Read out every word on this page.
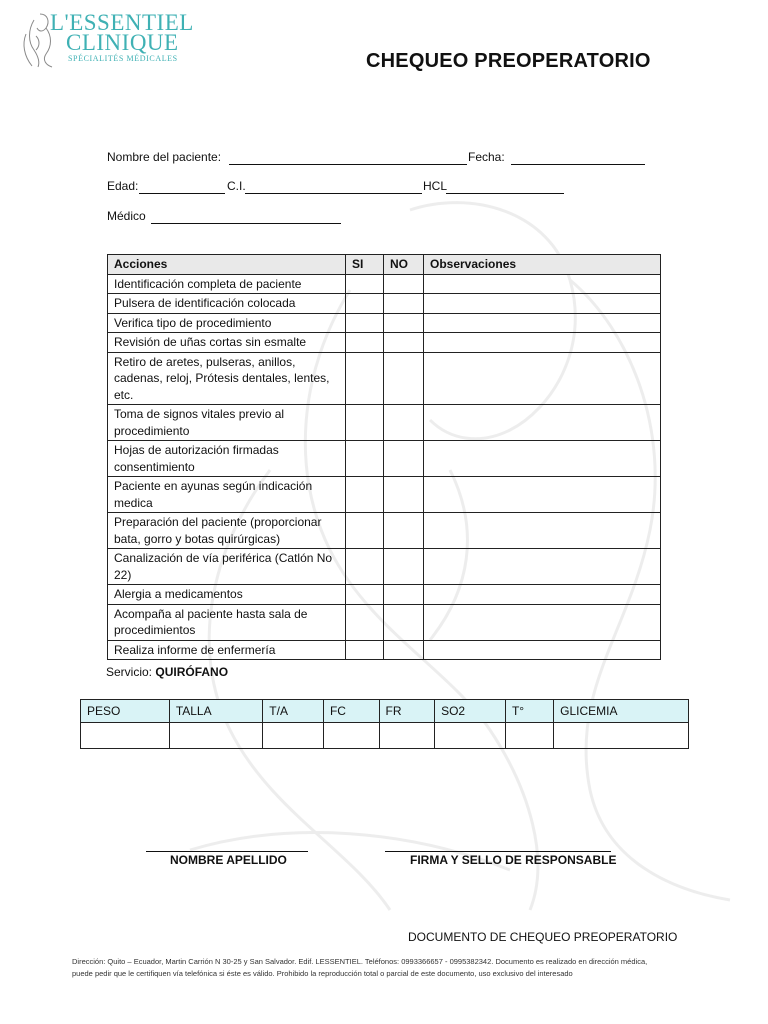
L'ESSENTIEL
CLINIQUE
SPÉCIALITÉS MÉDICALES	CHEQUEO PREOPERATORIO
Nombre del paciente:	Fecha:
Edad:	C.I.	HCL
Médico
Acciones	SI	NO	Observaciones
Identificación completa de paciente			
Pulsera de identificación colocada			
Verifica tipo de procedimiento			
Revisión de uñas cortas sin esmalte			
Retiro de aretes, pulseras, anillos, cadenas, reloj, Prótesis dentales, lentes, etc.			
Toma de signos vitales previo al procedimiento			
Hojas de autorización firmadas consentimiento			
Paciente en ayunas según indicación medica			
Preparación del paciente (proporcionar bata, gorro y botas quirúrgicas)			
Canalización de vía periférica (Catlón No 22)			
Alergia a medicamentos			
Acompaña al paciente hasta sala de procedimientos			
Realiza informe de enfermería			
Servicio: QUIRÓFANO
PESO	TALLA	T/A	FC	FR	SO2	T°	GLICEMIA

NOMBRE APELLIDO	FIRMA Y SELLO DE RESPONSABLE
DOCUMENTO DE CHEQUEO PREOPERATORIO
Dirección: Quito – Ecuador, Martin Carrión N 30-25 y San Salvador. Edif. LESSENTIEL. Teléfonos: 0993366657 - 0995382342. Documento es realizado en dirección médica,
puede pedir que le certifiquen vía telefónica si éste es válido. Prohibido la reproducción total o parcial de este documento, uso exclusivo del interesado
